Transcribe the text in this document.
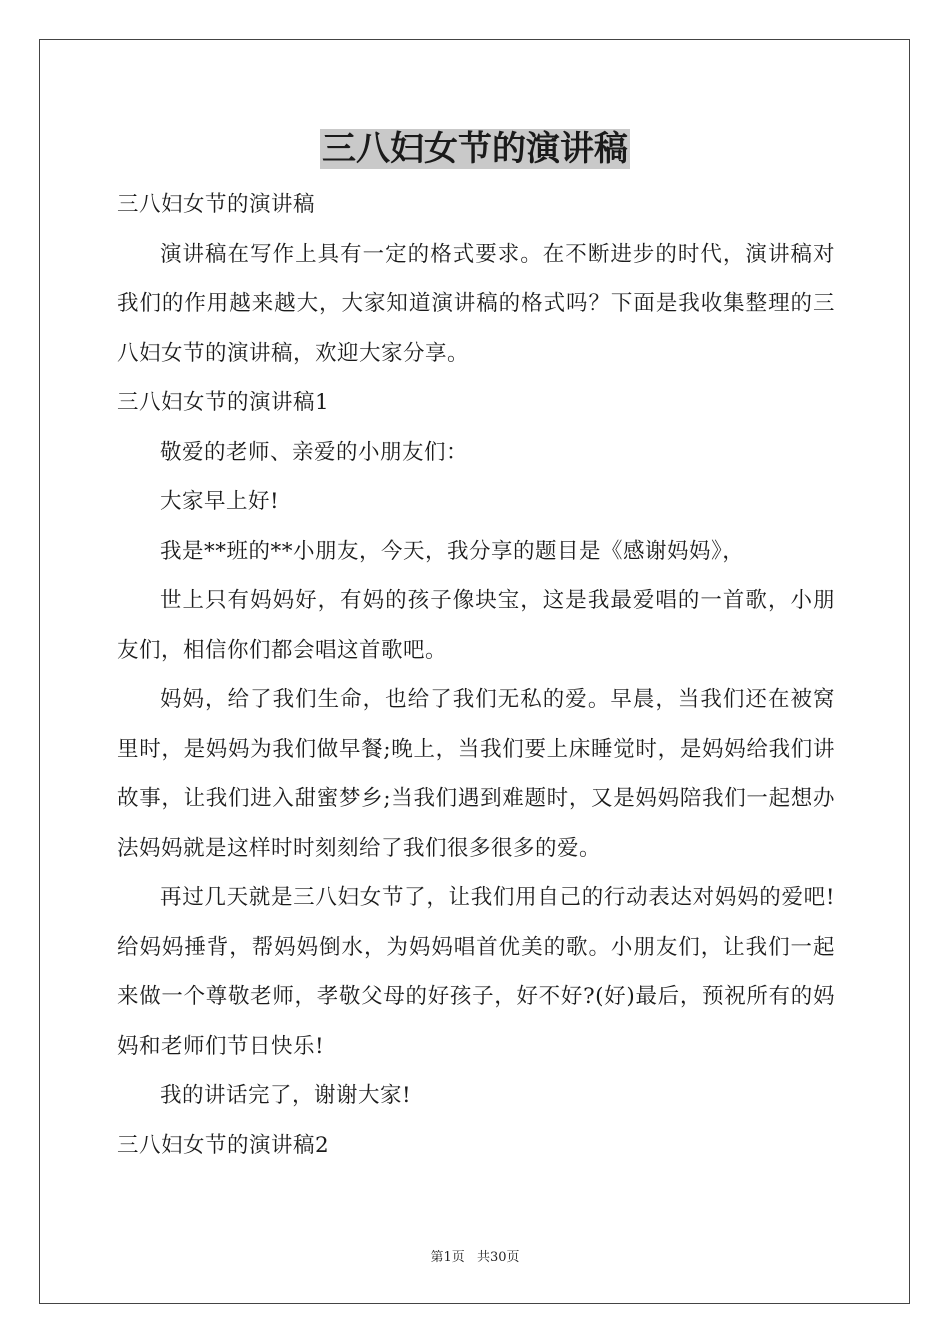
三八妇女节的演讲稿

三八妇女节的演讲稿

演讲稿在写作上具有一定的格式要求。在不断进步的时代，演讲稿对我们的作用越来越大，大家知道演讲稿的格式吗？下面是我收集整理的三八妇女节的演讲稿，欢迎大家分享。

三八妇女节的演讲稿1

敬爱的老师、亲爱的小朋友们：

大家早上好!

我是**班的**小朋友，今天，我分享的题目是《感谢妈妈》，

世上只有妈妈好，有妈的孩子像块宝，这是我最爱唱的一首歌，小朋友们，相信你们都会唱这首歌吧。

妈妈，给了我们生命，也给了我们无私的爱。早晨，当我们还在被窝里时，是妈妈为我们做早餐;晚上，当我们要上床睡觉时，是妈妈给我们讲故事，让我们进入甜蜜梦乡;当我们遇到难题时，又是妈妈陪我们一起想办法妈妈就是这样时时刻刻给了我们很多很多的爱。

再过几天就是三八妇女节了，让我们用自己的行动表达对妈妈的爱吧!给妈妈捶背，帮妈妈倒水，为妈妈唱首优美的歌。小朋友们，让我们一起来做一个尊敬老师，孝敬父母的好孩子，好不好?(好)最后，预祝所有的妈妈和老师们节日快乐!

我的讲话完了，谢谢大家!

三八妇女节的演讲稿2

第1页 共30页
